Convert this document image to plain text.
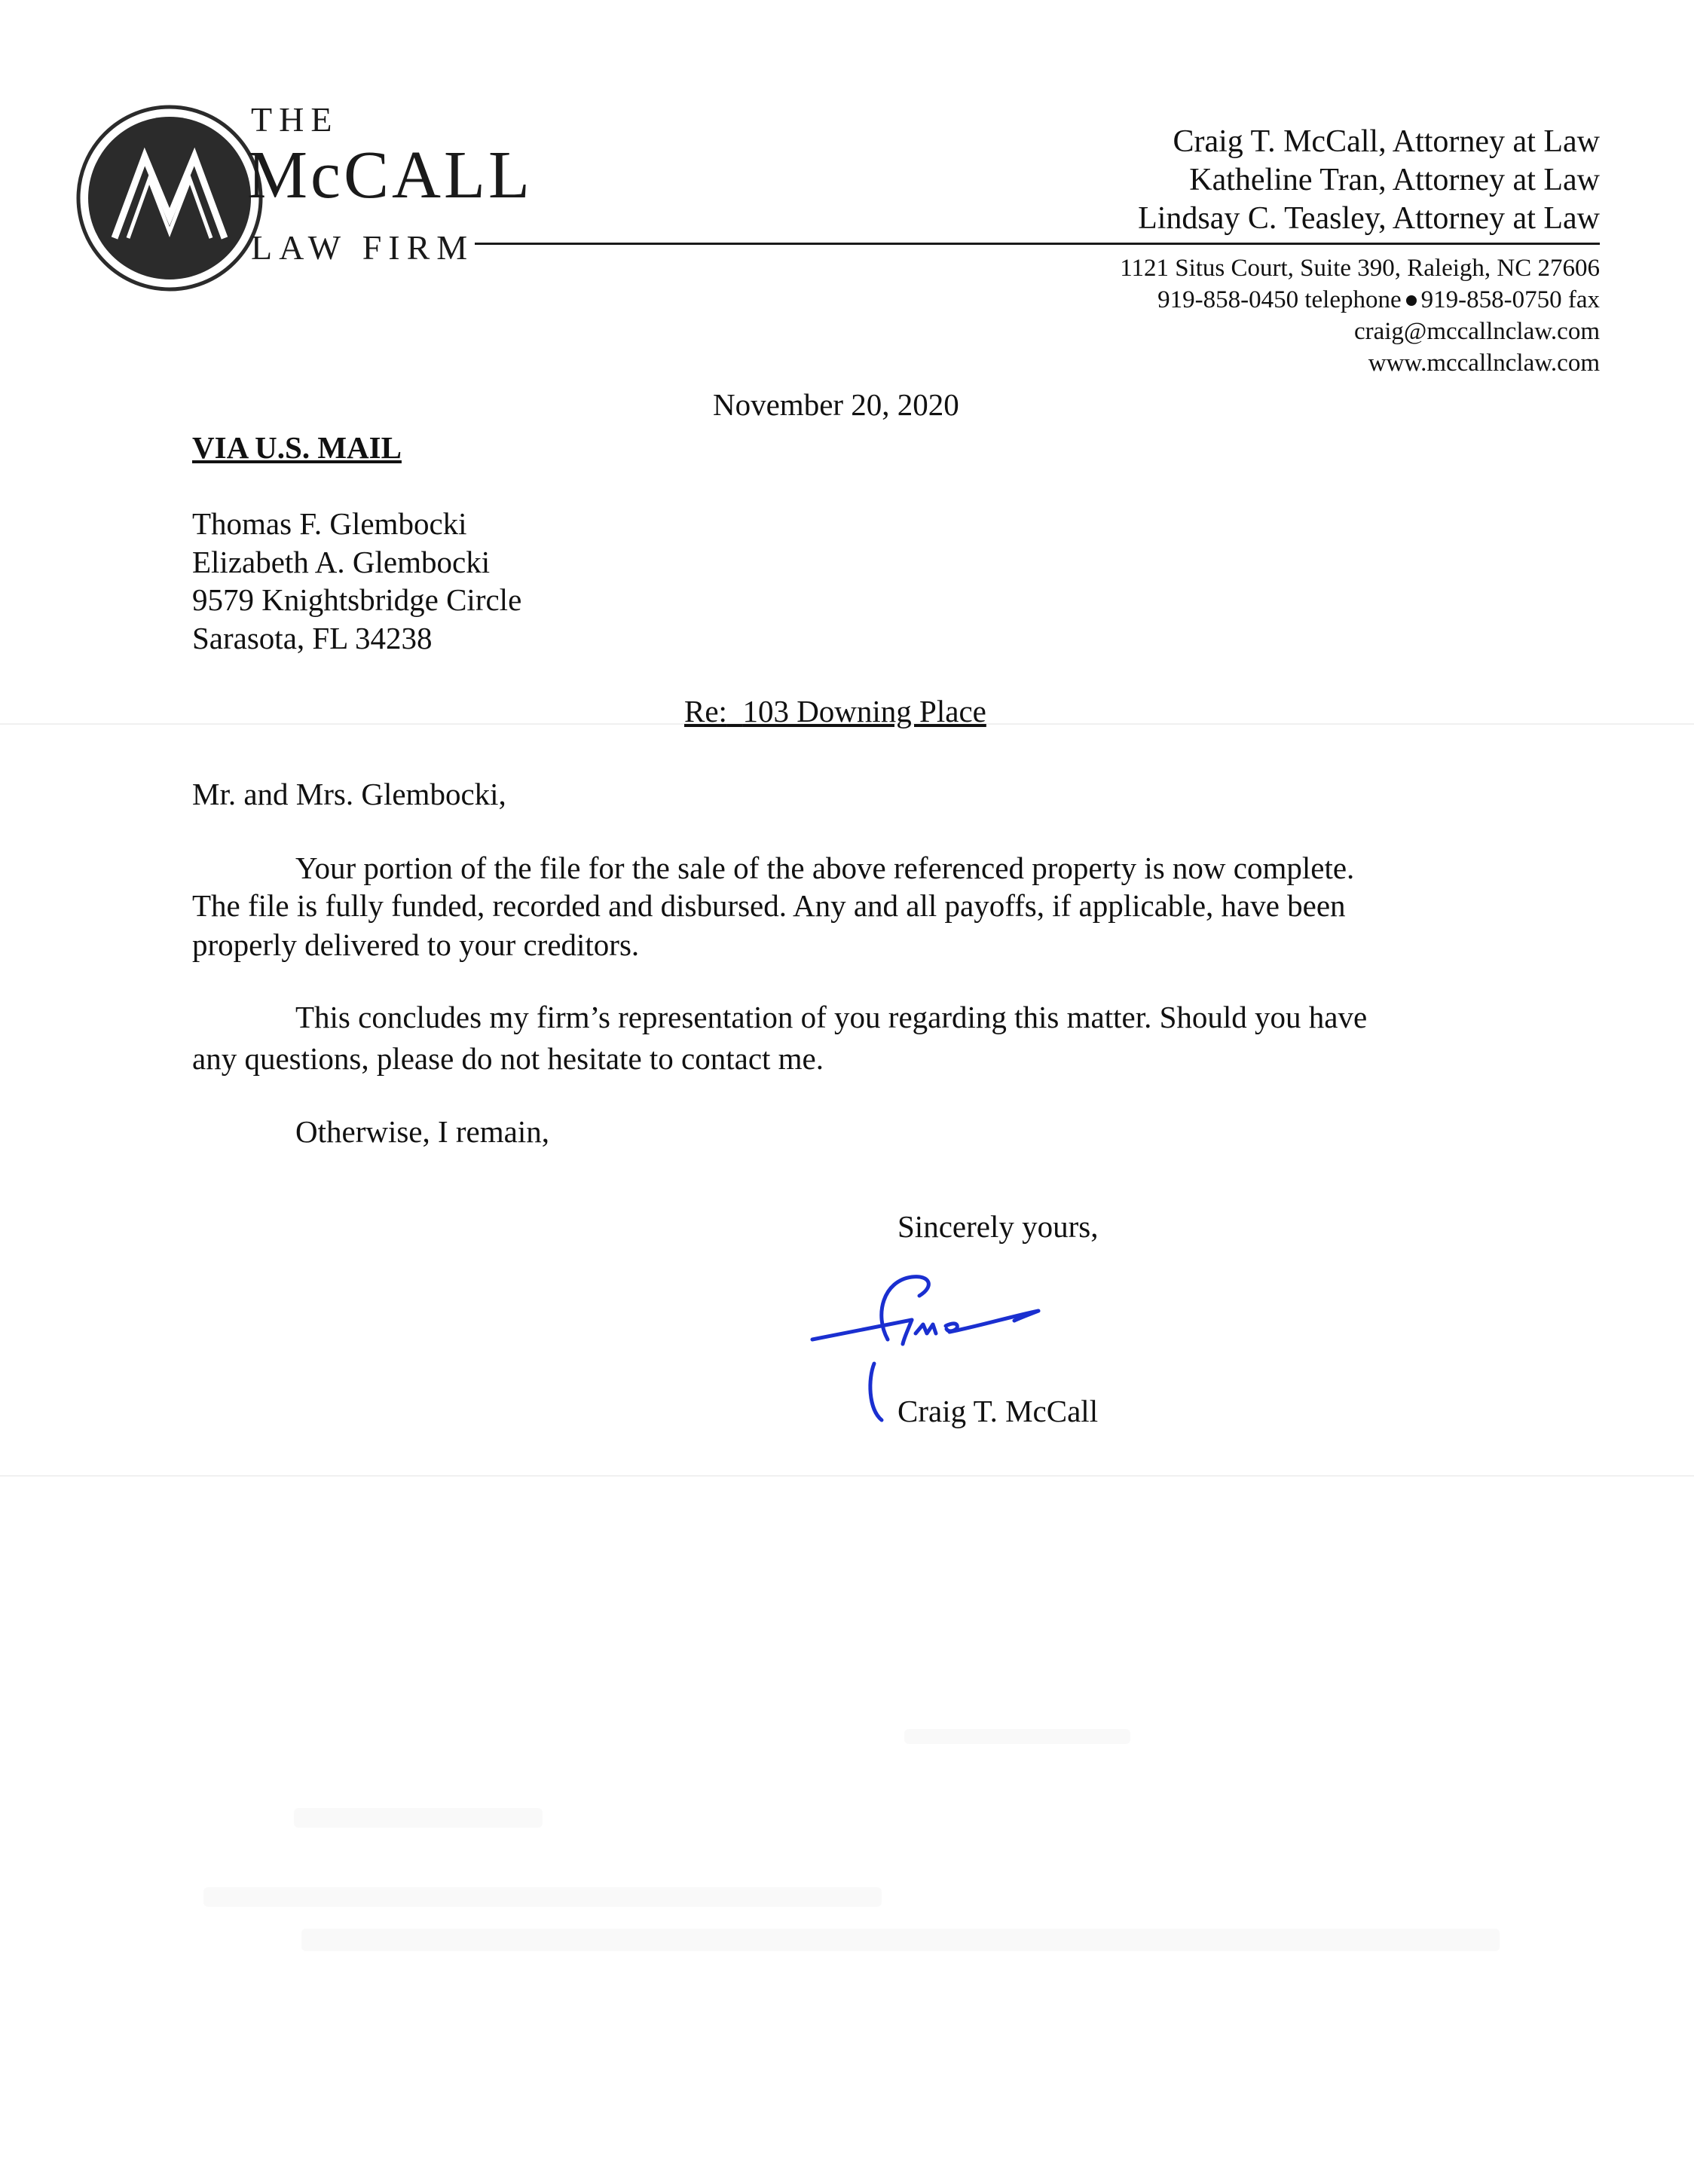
THE
McCALL
LAW FIRM
Craig T. McCall, Attorney at Law
Katheline Tran, Attorney at Law
Lindsay C. Teasley, Attorney at Law
1121 Situs Court, Suite 390, Raleigh, NC 27606
919-858-0450 telephone 919-858-0750 fax
craig@mccallnclaw.com
www.mccallnclaw.com
November 20, 2020
VIA U.S. MAIL
Thomas F. Glembocki
Elizabeth A. Glembocki
9579 Knightsbridge Circle
Sarasota, FL 34238
Re: 103 Downing Place
Mr. and Mrs. Glembocki,
Your portion of the file for the sale of the above referenced property is now complete.
The file is fully funded, recorded and disbursed. Any and all payoffs, if applicable, have been
properly delivered to your creditors.
This concludes my firm’s representation of you regarding this matter. Should you have
any questions, please do not hesitate to contact me.
Otherwise, I remain,
Sincerely yours,
Craig T. McCall
